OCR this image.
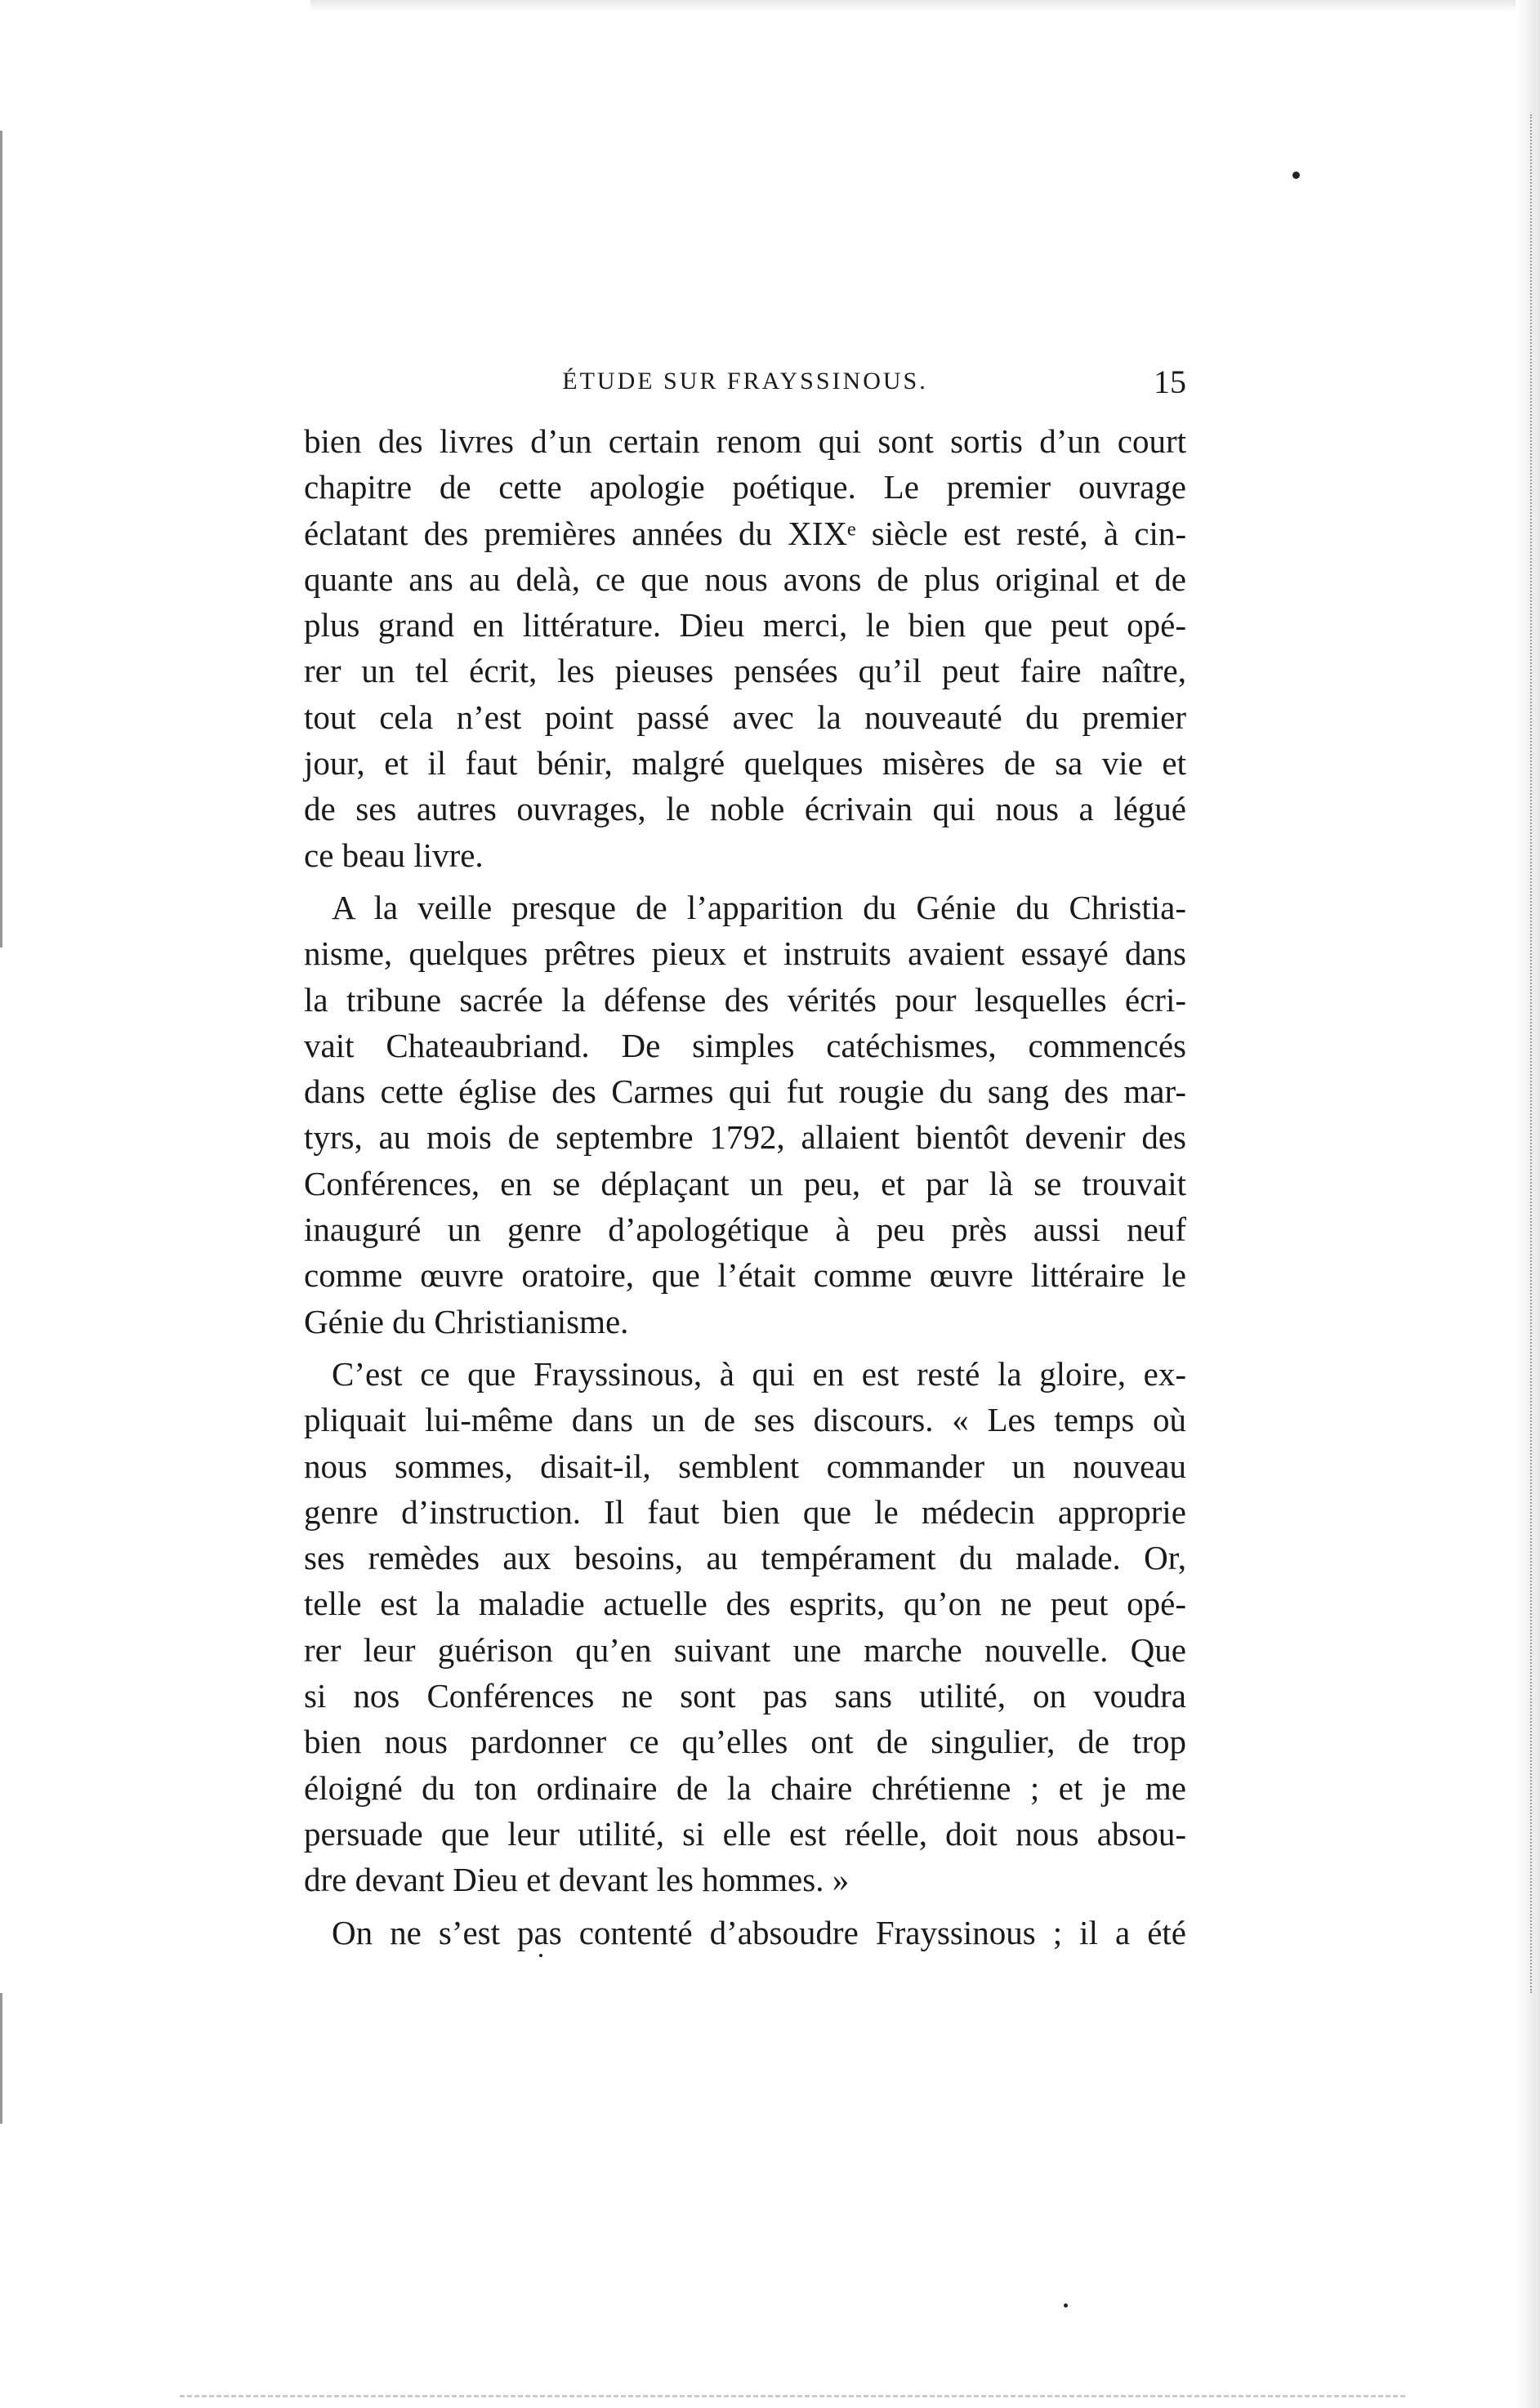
ÉTUDE SUR FRAYSSINOUS.	15
bien des livres d’un certain renom qui sont sortis d’un court
chapitre de cette apologie poétique. Le premier ouvrage
éclatant des premières années du XIXᵉ siècle est resté, à cin-
quante ans au delà, ce que nous avons de plus original et de
plus grand en littérature. Dieu merci, le bien que peut opé-
rer un tel écrit, les pieuses pensées qu’il peut faire naître,
tout cela n’est point passé avec la nouveauté du premier
jour, et il faut bénir, malgré quelques misères de sa vie et
de ses autres ouvrages, le noble écrivain qui nous a légué
ce beau livre.
A la veille presque de l’apparition du Génie du Christia-
nisme, quelques prêtres pieux et instruits avaient essayé dans
la tribune sacrée la défense des vérités pour lesquelles écri-
vait Chateaubriand. De simples catéchismes, commencés
dans cette église des Carmes qui fut rougie du sang des mar-
tyrs, au mois de septembre 1792, allaient bientôt devenir des
Conférences, en se déplaçant un peu, et par là se trouvait
inauguré un genre d’apologétique à peu près aussi neuf
comme œuvre oratoire, que l’était comme œuvre littéraire le
Génie du Christianisme.
C’est ce que Frayssinous, à qui en est resté la gloire, ex-
pliquait lui-même dans un de ses discours. « Les temps où
nous sommes, disait-il, semblent commander un nouveau
genre d’instruction. Il faut bien que le médecin approprie
ses remèdes aux besoins, au tempérament du malade. Or,
telle est la maladie actuelle des esprits, qu’on ne peut opé-
rer leur guérison qu’en suivant une marche nouvelle. Que
si nos Conférences ne sont pas sans utilité, on voudra
bien nous pardonner ce qu’elles ont de singulier, de trop
éloigné du ton ordinaire de la chaire chrétienne ; et je me
persuade que leur utilité, si elle est réelle, doit nous absou-
dre devant Dieu et devant les hommes. »
On ne s’est pas contenté d’absoudre Frayssinous ; il a été
